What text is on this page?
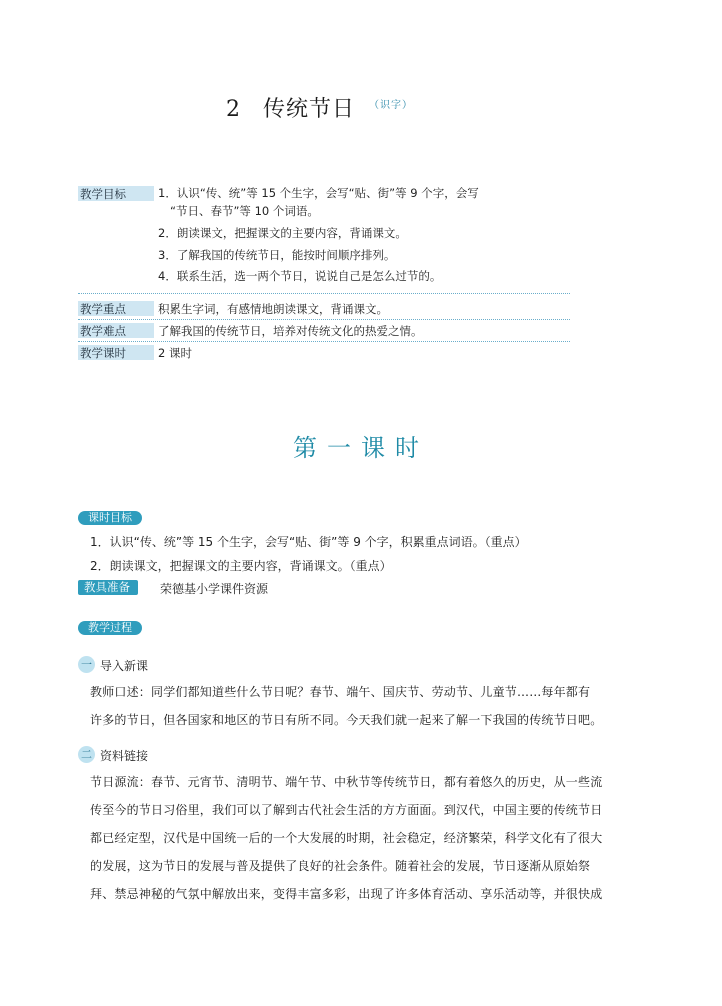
2 传统节日 $^{(识字)}$
教学目标	1．认识“传、统”等 15 个生字，会写“贴、街”等 9 个字，会写
“节日、春节”等 10 个词语。
2．朗读课文，把握课文的主要内容，背诵课文。
3．了解我国的传统节日，能按时间顺序排列。
4．联系生活，选一两个节日，说说自己是怎么过节的。
教学重点	积累生字词，有感情地朗读课文，背诵课文。
教学难点	了解我国的传统节日，培养对传统文化的热爱之情。
教学课时	2 课时
第一课时
课时目标
1．认识“传、统”等 15 个生字，会写“贴、街”等 9 个字，积累重点词语。（重点）
2．朗读课文，把握课文的主要内容，背诵课文。（重点）
教具准备	荣德基小学课件资源
教学过程
一 导入新课
教师口述：同学们都知道些什么节日呢？春节、端午、国庆节、劳动节、儿童节……每年都有
许多的节日，但各国家和地区的节日有所不同。今天我们就一起来了解一下我国的传统节日吧。
二 资料链接
节日源流：春节、元宵节、清明节、端午节、中秋节等传统节日，都有着悠久的历史，从一些流
传至今的节日习俗里，我们可以了解到古代社会生活的方方面面。到汉代，中国主要的传统节日
都已经定型，汉代是中国统一后的一个大发展的时期，社会稳定，经济繁荣，科学文化有了很大
的发展，这为节日的发展与普及提供了良好的社会条件。随着社会的发展，节日逐渐从原始祭
拜、禁忌神秘的气氛中解放出来，变得丰富多彩，出现了许多体育活动、享乐活动等，并很快成
